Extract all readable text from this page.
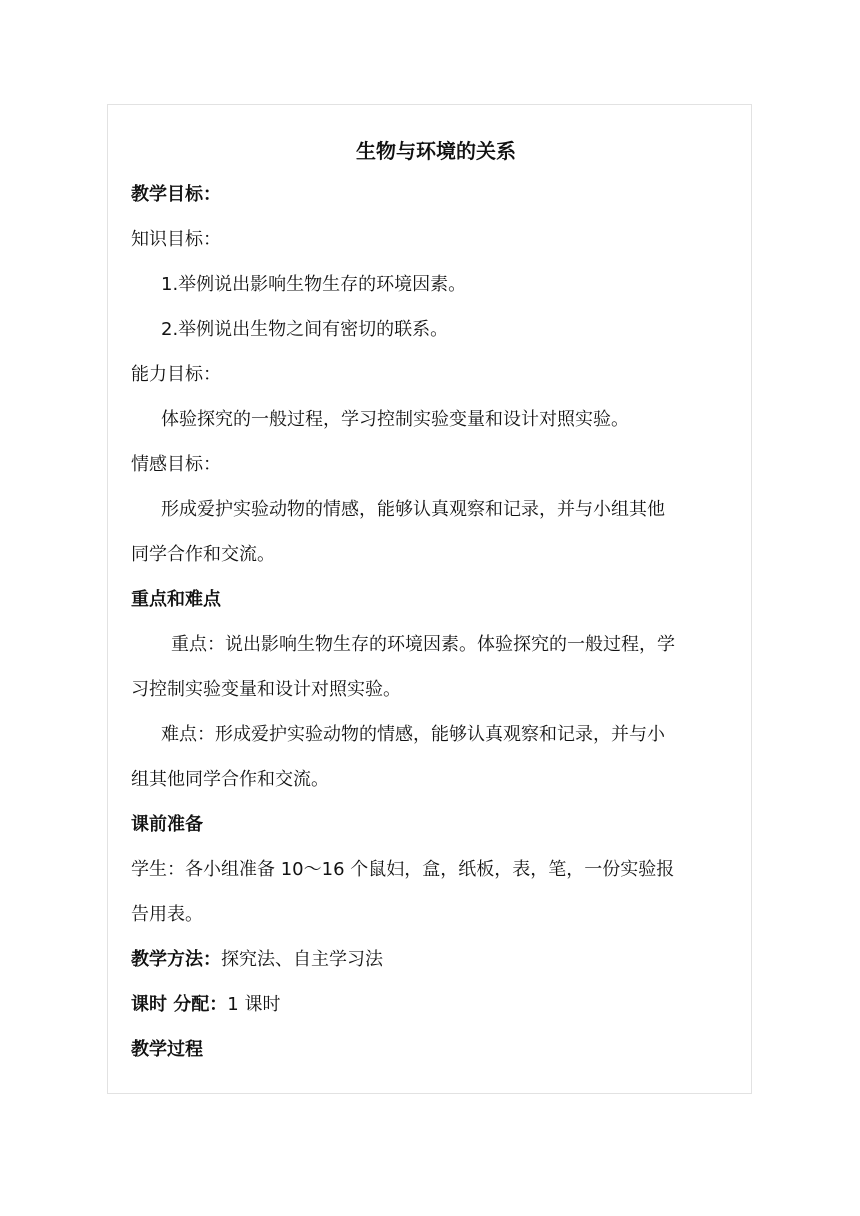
生物与环境的关系
教学目标：
知识目标：
1.举例说出影响生物生存的环境因素。
2.举例说出生物之间有密切的联系。
能力目标：
体验探究的一般过程，学习控制实验变量和设计对照实验。
情感目标：
形成爱护实验动物的情感，能够认真观察和记录，并与小组其他
同学合作和交流。
重点和难点
重点：说出影响生物生存的环境因素。体验探究的一般过程，学
习控制实验变量和设计对照实验。
难点：形成爱护实验动物的情感，能够认真观察和记录，并与小
组其他同学合作和交流。
课前准备
学生：各小组准备 10～16 个鼠妇，盒，纸板，表，笔，一份实验报
告用表。
教学方法：探究法、自主学习法
课时 分配：1 课时
教学过程
